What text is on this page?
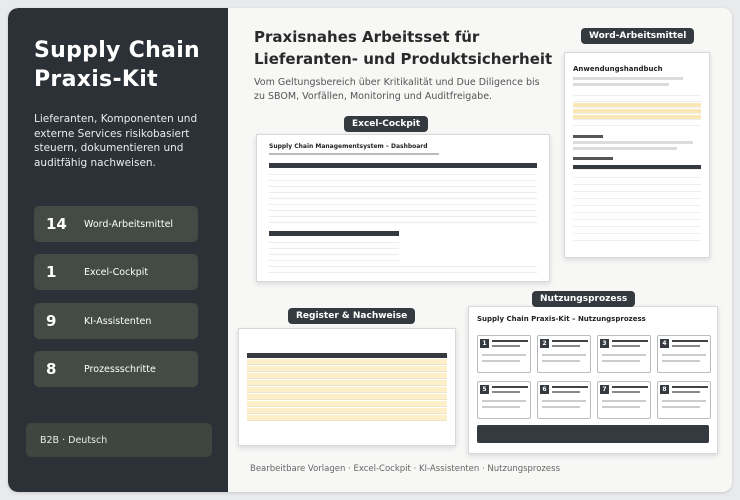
Supply Chain
Praxis-Kit
Lieferanten, Komponenten und externe Services risikobasiert steuern, dokumentieren und auditfähig nachweisen.
14	Word-Arbeitsmittel
1	Excel-Cockpit
9	KI-Assistenten
8	Prozessschritte
B2B · Deutsch
Praxisnahes Arbeitsset für
Lieferanten- und Produktsicherheit
Vom Geltungsbereich über Kritikalität und Due Diligence bis zu SBOM, Vorfällen, Monitoring und Auditfreigabe.
Word-Arbeitsmittel
Anwendungshandbuch
Excel-Cockpit
Supply Chain Managementsystem – Dashboard
Register & Nachweise
Nutzungsprozess
Supply Chain Praxis-Kit – Nutzungsprozess
1	2	3	4
5	6	7	8
Bearbeitbare Vorlagen · Excel-Cockpit · KI-Assistenten · Nutzungsprozess
